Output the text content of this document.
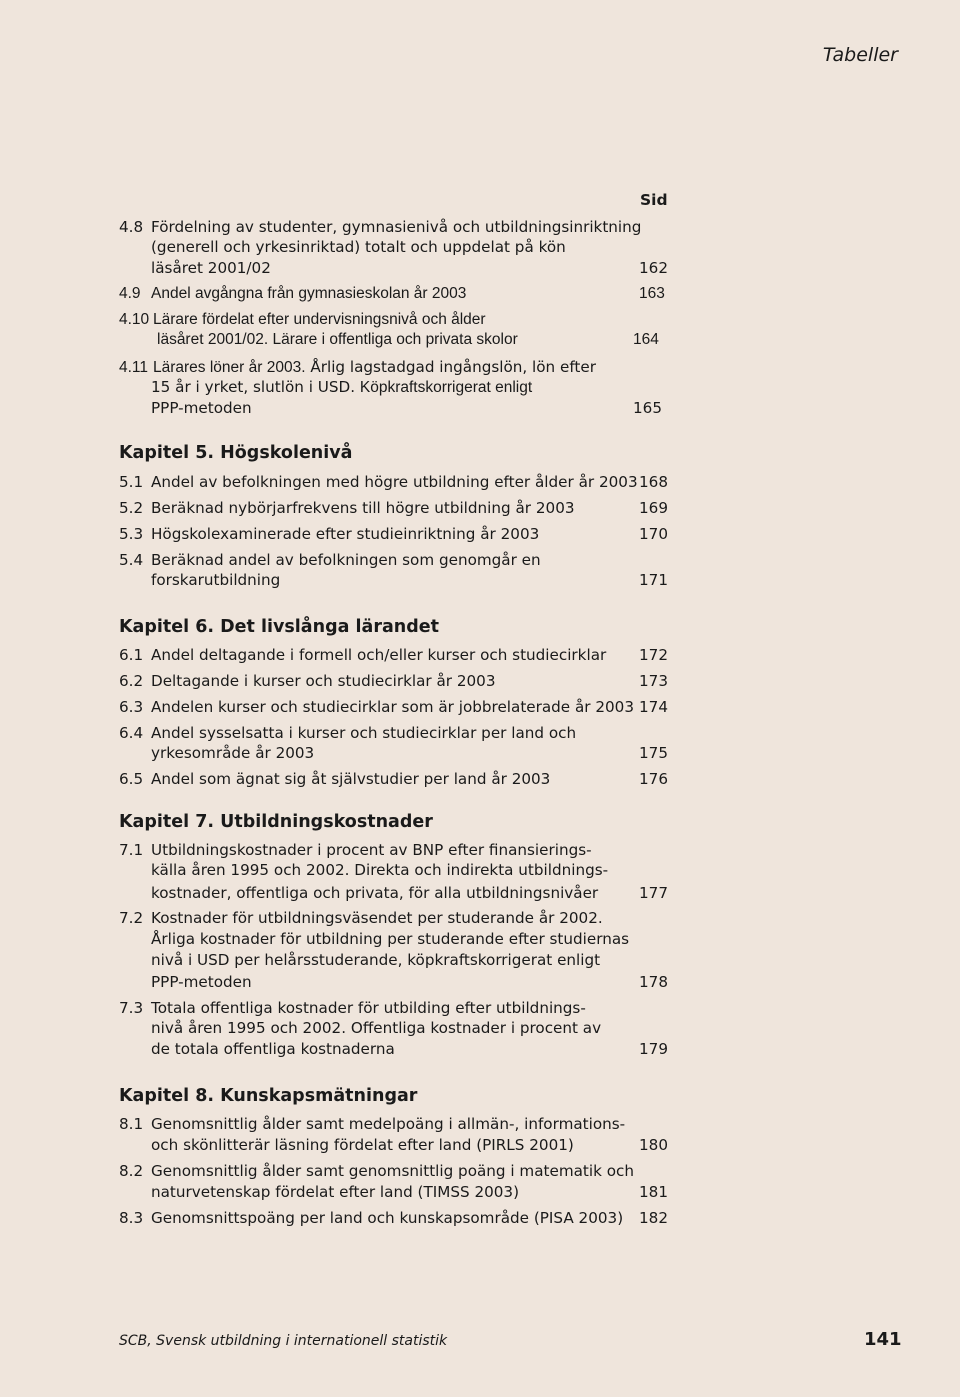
Tabeller
Sid
4.8 Fördelning av studenter, gymnasienivå och utbildningsinriktning
(generell och yrkesinriktad) totalt och uppdelat på kön
läsåret 2001/02	162
4.9 Andel avgångna från gymnasieskolan år 2003	163
4.10 Lärare fördelat efter undervisningsnivå och ålder
läsåret 2001/02. Lärare i offentliga och privata skolor	164
4.11 Lärares löner år 2003. Årlig lagstadgad ingångslön, lön efter
15 år i yrket, slutlön i USD. Köpkraftskorrigerat enligt
PPP-metoden	165
Kapitel 5. Högskolenivå
5.1 Andel av befolkningen med högre utbildning efter ålder år 2003 168
5.2 Beräknad nybörjarfrekvens till högre utbildning år 2003	169
5.3 Högskolexaminerade efter studieinriktning år 2003	170
5.4 Beräknad andel av befolkningen som genomgår en
forskarutbildning	171
Kapitel 6. Det livslånga lärandet
6.1 Andel deltagande i formell och/eller kurser och studiecirklar 172
6.2 Deltagande i kurser och studiecirklar år 2003	173
6.3 Andelen kurser och studiecirklar som är jobbrelaterade år 2003 174
6.4 Andel sysselsatta i kurser och studiecirklar per land och
yrkesområde år 2003	175
6.5 Andel som ägnat sig åt självstudier per land år 2003	176
Kapitel 7. Utbildningskostnader
7.1 Utbildningskostnader i procent av BNP efter finansierings-
källa åren 1995 och 2002. Direkta och indirekta utbildnings-
kostnader, offentliga och privata, för alla utbildningsnivåer	177
7.2 Kostnader för utbildningsväsendet per studerande år 2002.
Årliga kostnader för utbildning per studerande efter studiernas
nivå i USD per helårsstuderande, köpkraftskorrigerat enligt
PPP-metoden	178
7.3 Totala offentliga kostnader för utbilding efter utbildnings-
nivå åren 1995 och 2002. Offentliga kostnader i procent av
de totala offentliga kostnaderna	179
Kapitel 8. Kunskapsmätningar
8.1 Genomsnittlig ålder samt medelpoäng i allmän-, informations-
och skönlitterär läsning fördelat efter land (PIRLS 2001)	180
8.2 Genomsnittlig ålder samt genomsnittlig poäng i matematik och
naturvetenskap fördelat efter land (TIMSS 2003)	181
8.3 Genomsnittspoäng per land och kunskapsområde (PISA 2003) 182
SCB, Svensk utbildning i internationell statistik	141
